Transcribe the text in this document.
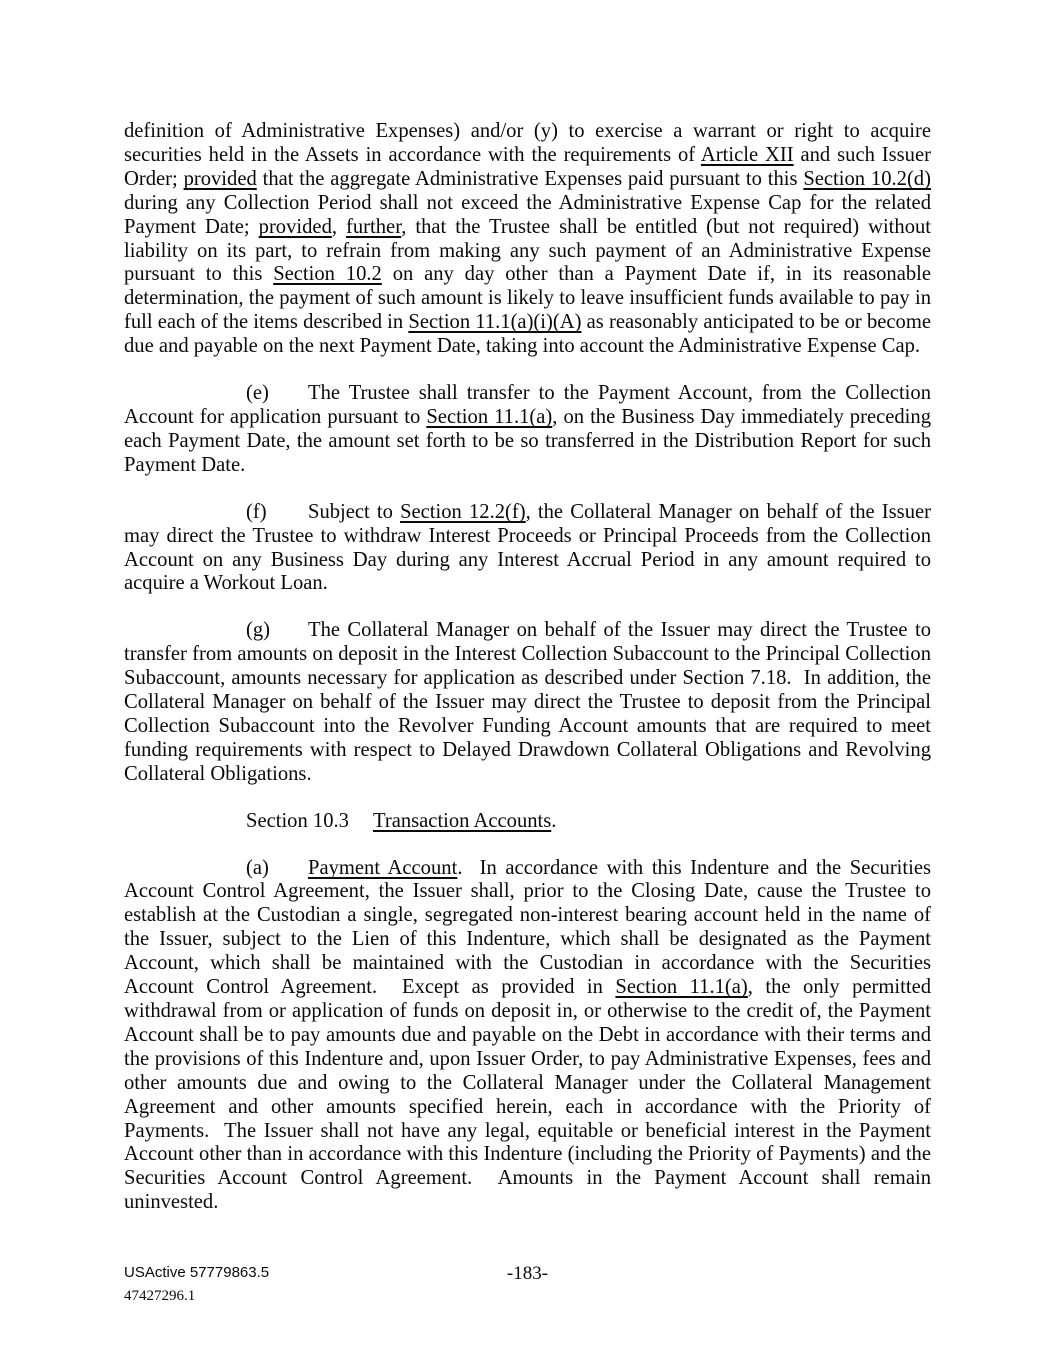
definition of Administrative Expenses) and/or (y) to exercise a warrant or right to acquire securities held in the Assets in accordance with the requirements of Article XII and such Issuer Order; provided that the aggregate Administrative Expenses paid pursuant to this Section 10.2(d) during any Collection Period shall not exceed the Administrative Expense Cap for the related Payment Date; provided, further, that the Trustee shall be entitled (but not required) without liability on its part, to refrain from making any such payment of an Administrative Expense pursuant to this Section 10.2 on any day other than a Payment Date if, in its reasonable determination, the payment of such amount is likely to leave insufficient funds available to pay in full each of the items described in Section 11.1(a)(i)(A) as reasonably anticipated to be or become due and payable on the next Payment Date, taking into account the Administrative Expense Cap.

(e) The Trustee shall transfer to the Payment Account, from the Collection Account for application pursuant to Section 11.1(a), on the Business Day immediately preceding each Payment Date, the amount set forth to be so transferred in the Distribution Report for such Payment Date.

(f) Subject to Section 12.2(f), the Collateral Manager on behalf of the Issuer may direct the Trustee to withdraw Interest Proceeds or Principal Proceeds from the Collection Account on any Business Day during any Interest Accrual Period in any amount required to acquire a Workout Loan.

(g) The Collateral Manager on behalf of the Issuer may direct the Trustee to transfer from amounts on deposit in the Interest Collection Subaccount to the Principal Collection Subaccount, amounts necessary for application as described under Section 7.18.  In addition, the Collateral Manager on behalf of the Issuer may direct the Trustee to deposit from the Principal Collection Subaccount into the Revolver Funding Account amounts that are required to meet funding requirements with respect to Delayed Drawdown Collateral Obligations and Revolving Collateral Obligations.

Section 10.3 Transaction Accounts.

(a) Payment Account.  In accordance with this Indenture and the Securities Account Control Agreement, the Issuer shall, prior to the Closing Date, cause the Trustee to establish at the Custodian a single, segregated non-interest bearing account held in the name of the Issuer, subject to the Lien of this Indenture, which shall be designated as the Payment Account, which shall be maintained with the Custodian in accordance with the Securities Account Control Agreement.  Except as provided in Section 11.1(a), the only permitted withdrawal from or application of funds on deposit in, or otherwise to the credit of, the Payment Account shall be to pay amounts due and payable on the Debt in accordance with their terms and the provisions of this Indenture and, upon Issuer Order, to pay Administrative Expenses, fees and other amounts due and owing to the Collateral Manager under the Collateral Management Agreement and other amounts specified herein, each in accordance with the Priority of Payments.  The Issuer shall not have any legal, equitable or beneficial interest in the Payment Account other than in accordance with this Indenture (including the Priority of Payments) and the Securities Account Control Agreement.  Amounts in the Payment Account shall remain uninvested.

USActive 57779863.5
47427296.1
-183-
